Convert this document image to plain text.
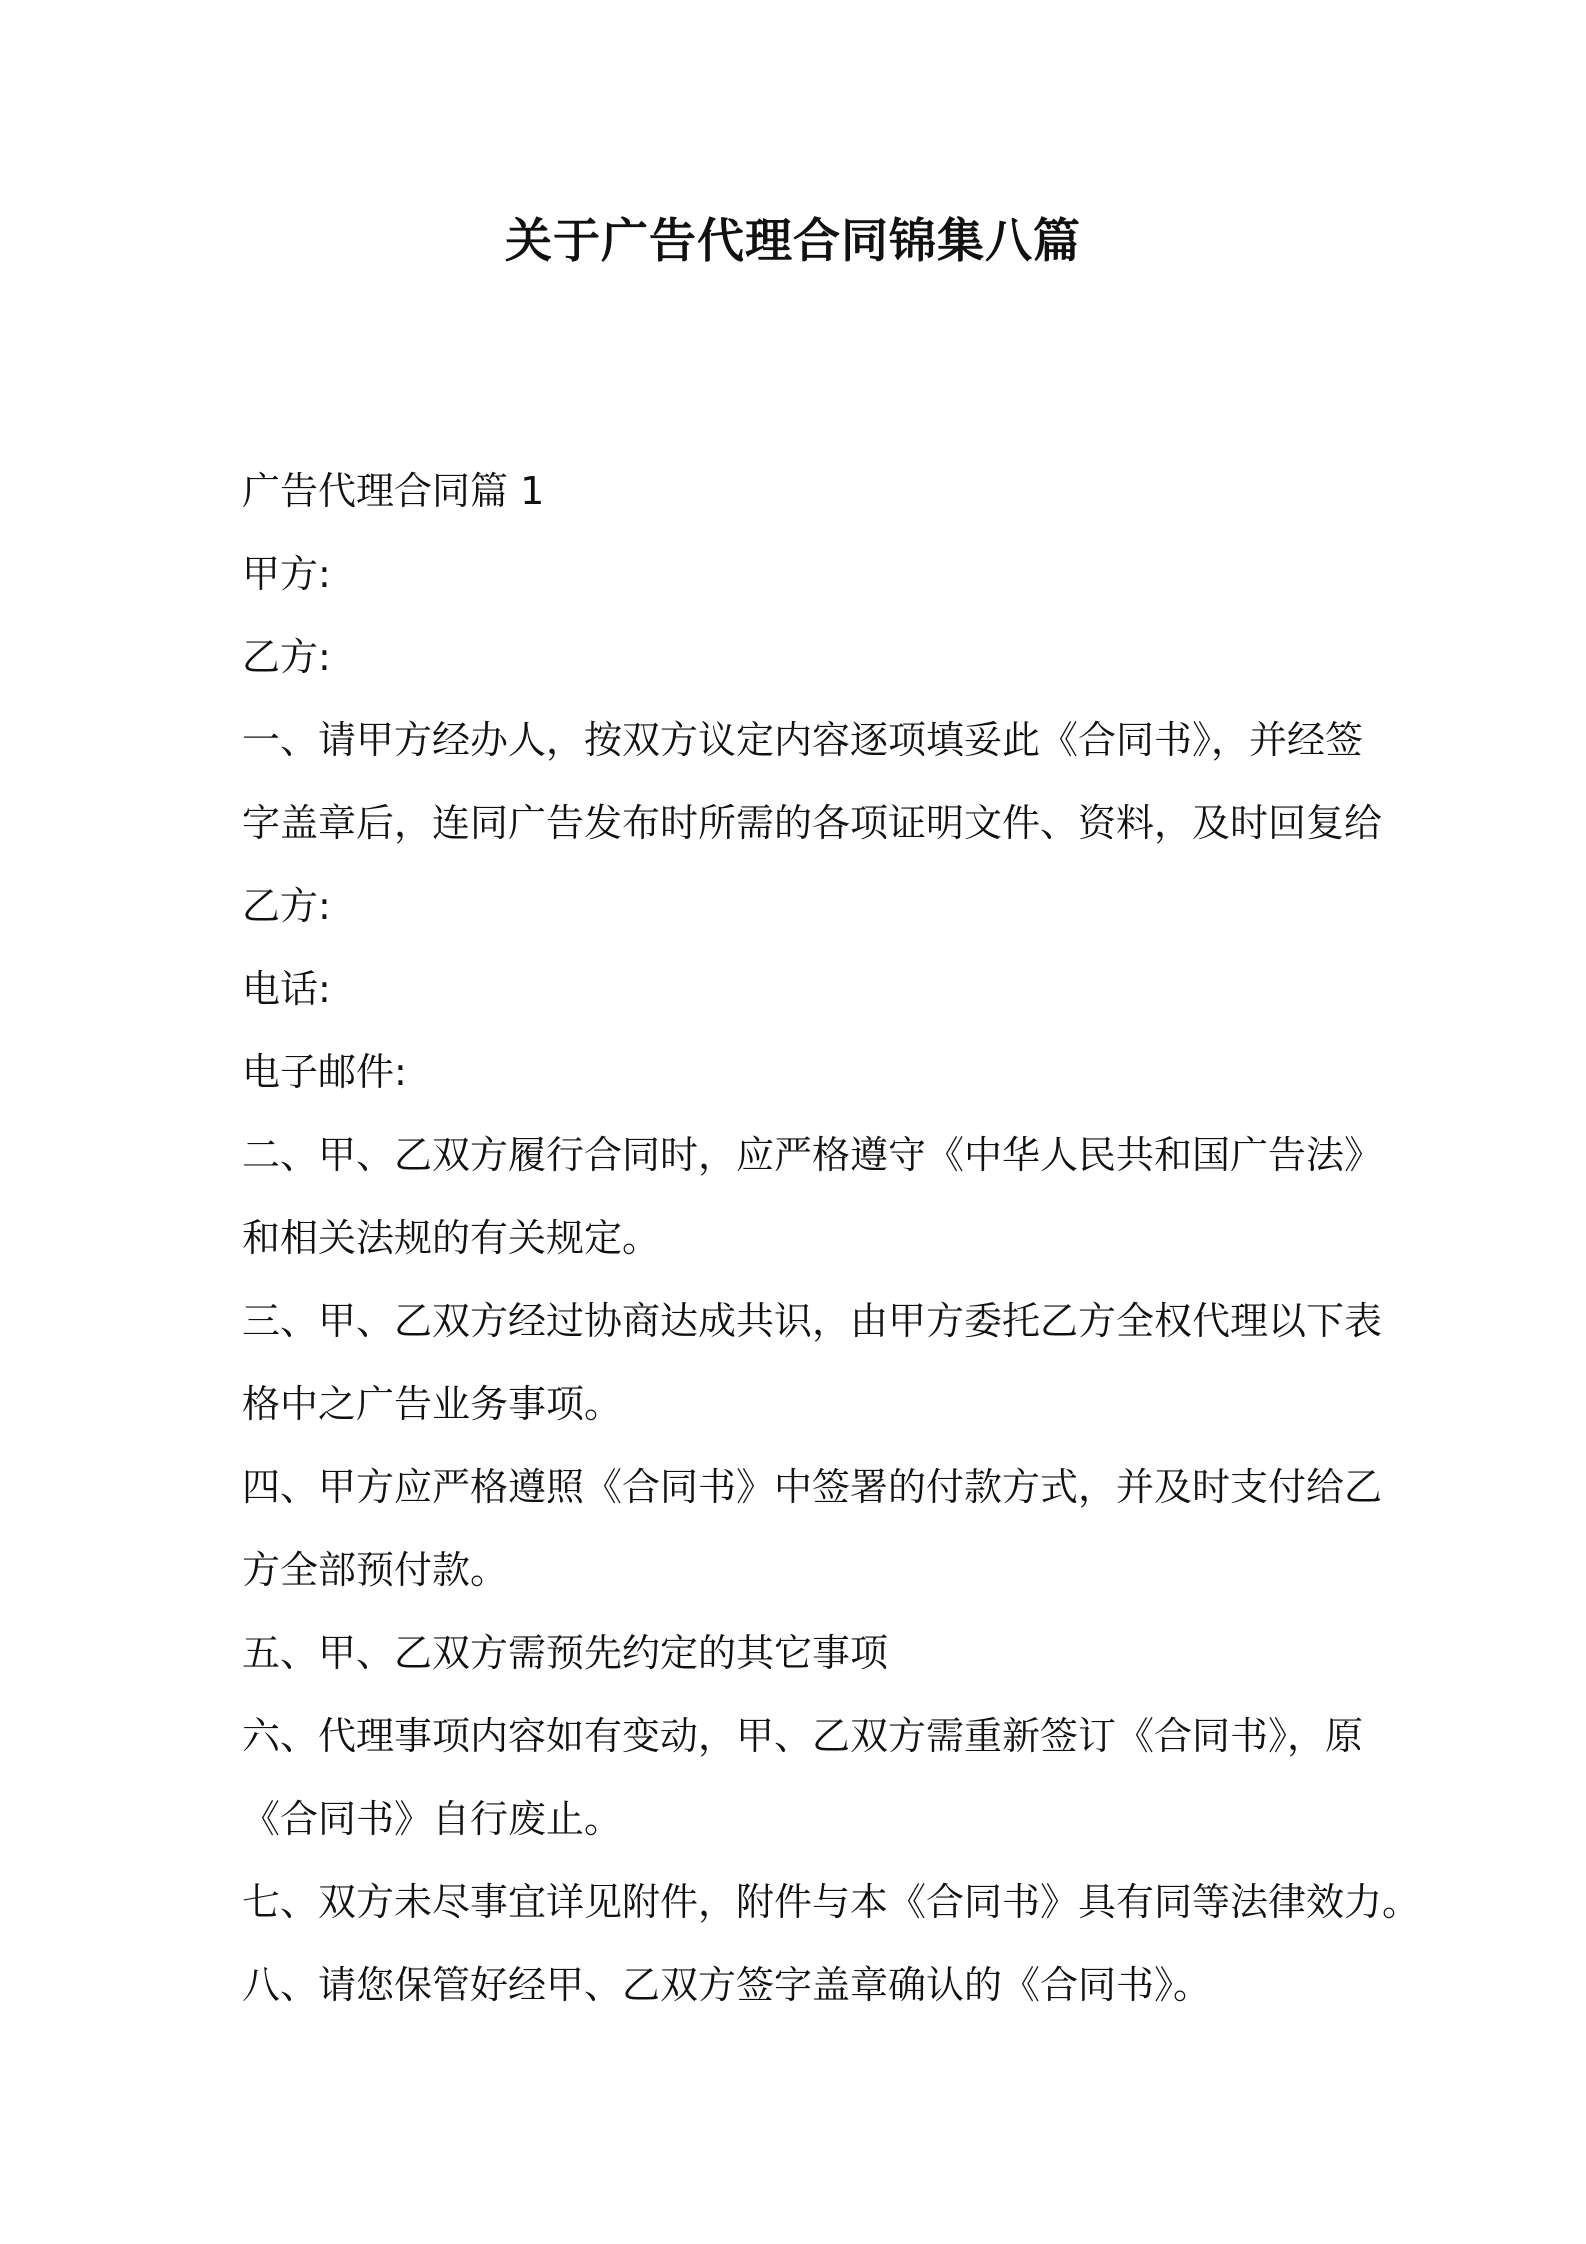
关于广告代理合同锦集八篇
广告代理合同篇 1
甲方:
乙方:
一、请甲方经办人，按双方议定内容逐项填妥此《合同书》，并经签
字盖章后，连同广告发布时所需的各项证明文件、资料，及时回复给
乙方:
电话:
电子邮件:
二、甲、乙双方履行合同时，应严格遵守《中华人民共和国广告法》
和相关法规的有关规定。
三、甲、乙双方经过协商达成共识，由甲方委托乙方全权代理以下表
格中之广告业务事项。
四、甲方应严格遵照《合同书》中签署的付款方式，并及时支付给乙
方全部预付款。
五、甲、乙双方需预先约定的其它事项
六、代理事项内容如有变动，甲、乙双方需重新签订《合同书》，原
《合同书》自行废止。
七、双方未尽事宜详见附件，附件与本《合同书》具有同等法律效力。
八、请您保管好经甲、乙双方签字盖章确认的《合同书》。
